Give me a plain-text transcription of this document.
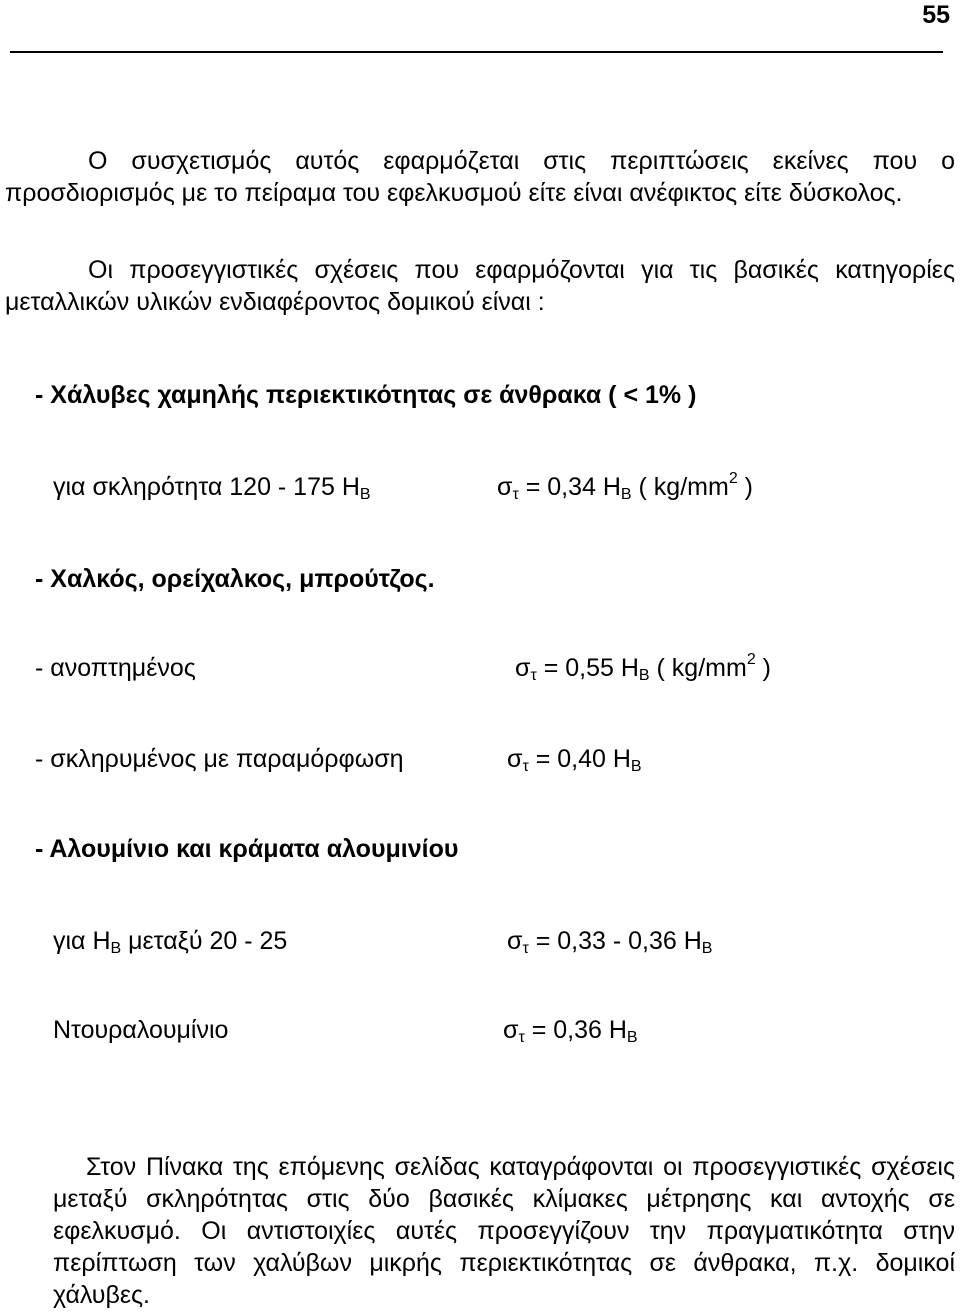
55

Ο συσχετισμός αυτός εφαρμόζεται στις περιπτώσεις εκείνες που ο προσδιορισμός με το πείραμα του εφελκυσμού είτε είναι ανέφικτος είτε δύσκολος.

Οι προσεγγιστικές σχέσεις που εφαρμόζονται για τις βασικές κατηγορίες μεταλλικών υλικών ενδιαφέροντος δομικού είναι :

- Χάλυβες χαμηλής περιεκτικότητας σε άνθρακα ( < 1% )
για σκληρότητα 120 - 175 $H_B$	$\sigma_\tau = 0,34$ $H_B$ ( $kg/mm^2$ )
- Χαλκός, ορείχαλκος, μπρούτζος.
- ανοπτημένος	$\sigma_\tau = 0,55$ $H_B$ ( $kg/mm^2$ )
- σκληρυμένος με παραμόρφωση	$\sigma_\tau = 0,40$ $H_B$
- Αλουμίνιο και κράματα αλουμινίου
για $H_B$ μεταξύ 20 - 25	$\sigma_\tau = 0,33 - 0,36$ $H_B$
Ντουραλουμίνιο	$\sigma_\tau = 0,36$ $H_B$

Στον Πίνακα της επόμενης σελίδας καταγράφονται οι προσεγγιστικές σχέσεις μεταξύ σκληρότητας στις δύο βασικές κλίμακες μέτρησης και αντοχής σε εφελκυσμό. Οι αντιστοιχίες αυτές προσεγγίζουν την πραγματικότητα στην περίπτωση των χαλύβων μικρής περιεκτικότητας σε άνθρακα, π.χ. δομικοί χάλυβες.
